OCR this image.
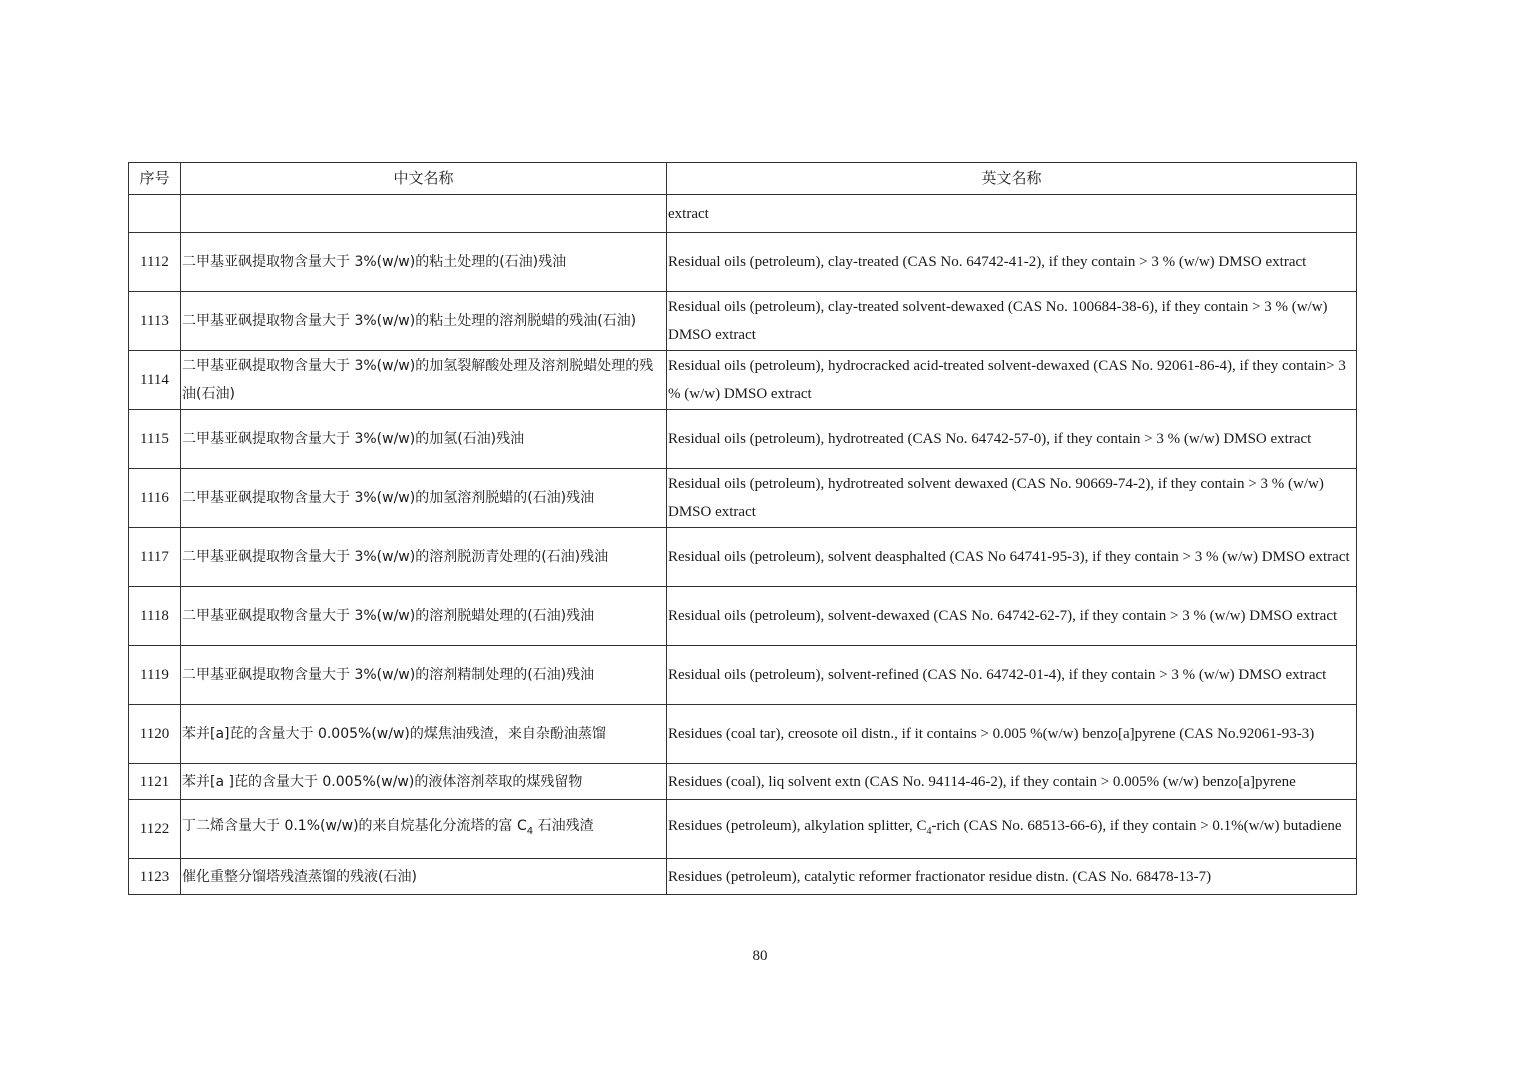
序号	中文名称	英文名称
		extract
1112	二甲基亚砜提取物含量大于 3%(w/w)的粘土处理的(石油)残油	Residual oils (petroleum), clay-treated (CAS No. 64742-41-2), if they contain > 3 % (w/w) DMSO extract
1113	二甲基亚砜提取物含量大于 3%(w/w)的粘土处理的溶剂脱蜡的残油(石油)	Residual oils (petroleum), clay-treated solvent-dewaxed (CAS No. 100684-38-6), if they contain > 3 % (w/w) DMSO extract
1114	二甲基亚砜提取物含量大于 3%(w/w)的加氢裂解酸处理及溶剂脱蜡处理的残油(石油)	Residual oils (petroleum), hydrocracked acid-treated solvent-dewaxed (CAS No. 92061-86-4), if they contain> 3 % (w/w) DMSO extract
1115	二甲基亚砜提取物含量大于 3%(w/w)的加氢(石油)残油	Residual oils (petroleum), hydrotreated (CAS No. 64742-57-0), if they contain > 3 % (w/w) DMSO extract
1116	二甲基亚砜提取物含量大于 3%(w/w)的加氢溶剂脱蜡的(石油)残油	Residual oils (petroleum), hydrotreated solvent dewaxed (CAS No. 90669-74-2), if they contain > 3 % (w/w) DMSO extract
1117	二甲基亚砜提取物含量大于 3%(w/w)的溶剂脱沥青处理的(石油)残油	Residual oils (petroleum), solvent deasphalted (CAS No 64741-95-3), if they contain > 3 % (w/w) DMSO extract
1118	二甲基亚砜提取物含量大于 3%(w/w)的溶剂脱蜡处理的(石油)残油	Residual oils (petroleum), solvent-dewaxed (CAS No. 64742-62-7), if they contain > 3 % (w/w) DMSO extract
1119	二甲基亚砜提取物含量大于 3%(w/w)的溶剂精制处理的(石油)残油	Residual oils (petroleum), solvent-refined (CAS No. 64742-01-4), if they contain > 3 % (w/w) DMSO extract
1120	苯并[a]芘的含量大于 0.005%(w/w)的煤焦油残渣，来自杂酚油蒸馏	Residues (coal tar), creosote oil distn., if it contains > 0.005 %(w/w) benzo[a]pyrene (CAS No.92061-93-3)
1121	苯并[a ]芘的含量大于 0.005%(w/w)的液体溶剂萃取的煤残留物	Residues (coal), liq solvent extn (CAS No. 94114-46-2), if they contain > 0.005% (w/w) benzo[a]pyrene
1122	丁二烯含量大于 0.1%(w/w)的来自烷基化分流塔的富 $C_4$ 石油残渣	Residues (petroleum), alkylation splitter, $C_4$-rich (CAS No. 68513-66-6), if they contain > 0.1%(w/w) butadiene
1123	催化重整分馏塔残渣蒸馏的残液(石油)	Residues (petroleum), catalytic reformer fractionator residue distn. (CAS No. 68478-13-7)
80
